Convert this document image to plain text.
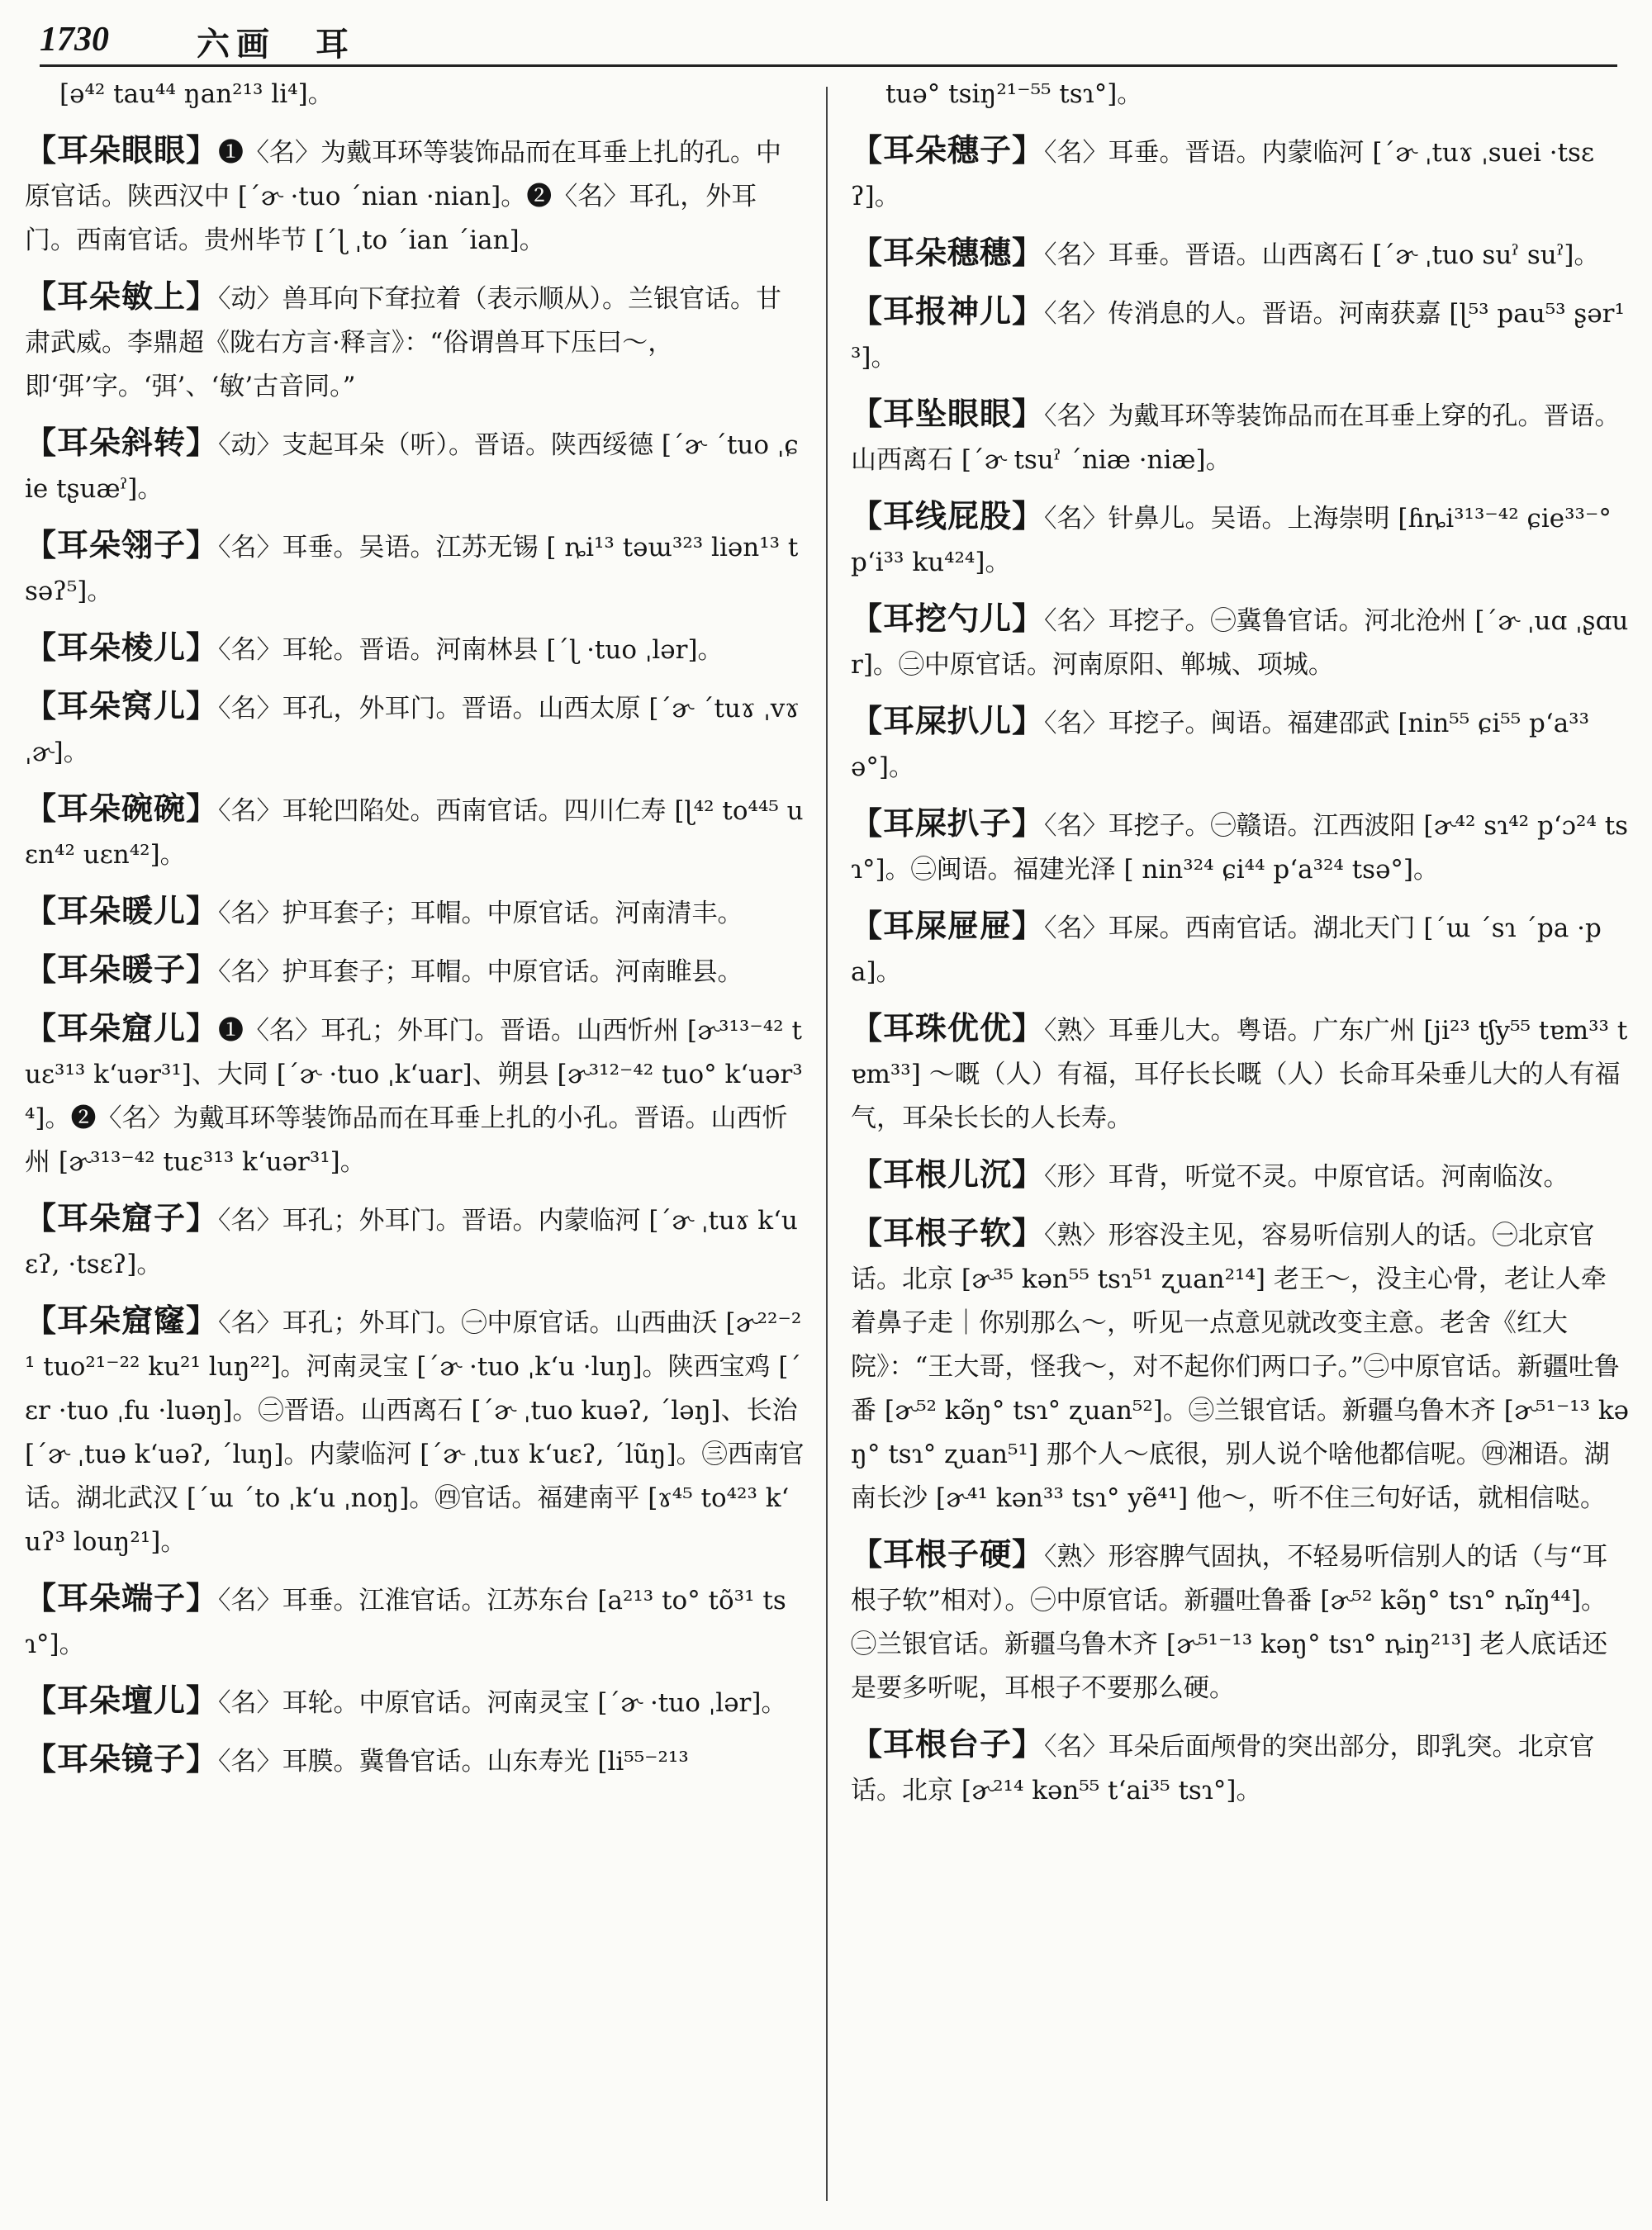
1730	六画　耳
[ə⁴² tau⁴⁴ ŋan²¹³ li⁴]。
【耳朵眼眼】❶〈名〉为戴耳环等装饰品而在耳垂上扎的孔。中原官话。陕西汉中 [ˊɚ ·tuo ˊnian ·nian]。❷〈名〉耳孔，外耳门。西南官话。贵州毕节 [ˊɭ ˌto ˊian ˊian]。
【耳朵敏上】〈动〉兽耳向下耷拉着（表示顺从）。兰银官话。甘肃武威。李鼎超《陇右方言·释言》：“俗谓兽耳下压曰～，即‘弭’字。‘弭’、‘敏’古音同。”
【耳朵斜转】〈动〉支起耳朵（听）。晋语。陕西绥德 [ˊɚ ˊtuo ˌɕie tʂuæˀ]。
【耳朵翎子】〈名〉耳垂。吴语。江苏无锡 [ ȵi¹³ təɯ³²³ liən¹³ tsəʔ⁵]。
【耳朵棱儿】〈名〉耳轮。晋语。河南林县 [ˊɭ ·tuo ˌlər]。
【耳朵窝儿】〈名〉耳孔，外耳门。晋语。山西太原 [ˊɚ ˊtuɤ ˌvɤ ˌɚ]。
【耳朵碗碗】〈名〉耳轮凹陷处。西南官话。四川仁寿 [ɭ⁴² to⁴⁴⁵ uɛn⁴² uɛn⁴²]。
【耳朵暖儿】〈名〉护耳套子；耳帽。中原官话。河南清丰。
【耳朵暖子】〈名〉护耳套子；耳帽。中原官话。河南睢县。
【耳朵窟儿】❶〈名〉耳孔；外耳门。晋语。山西忻州 [ɚ³¹³⁻⁴² tuɛ³¹³ kʻuər³¹]、大同 [ˊɚ ·tuo ˌkʻuar]、朔县 [ɚ³¹²⁻⁴² tuo° kʻuər³⁴]。❷〈名〉为戴耳环等装饰品而在耳垂上扎的小孔。晋语。山西忻州 [ɚ³¹³⁻⁴² tuɛ³¹³ kʻuər³¹]。
【耳朵窟子】〈名〉耳孔；外耳门。晋语。内蒙临河 [ˊɚ ˌtuɤ kʻuɛʔ, ·tsɛʔ]。
【耳朵窟窿】〈名〉耳孔；外耳门。㊀中原官话。山西曲沃 [ɚ²²⁻²¹ tuo²¹⁻²² ku²¹ luŋ²²]。河南灵宝 [ˊɚ ·tuo ˌkʻu ·luŋ]。陕西宝鸡 [ˊɛr ·tuo ˌfu ·luəŋ]。㊁晋语。山西离石 [ˊɚ ˌtuo kuəʔ, ˊləŋ]、长治 [ˊɚ ˌtuə kʻuəʔ, ˊluŋ]。内蒙临河 [ˊɚ ˌtuɤ kʻuɛʔ, ˊlũŋ]。㊂西南官话。湖北武汉 [ˊɯ ˊto ˌkʻu ˌnoŋ]。㊃官话。福建南平 [ɤ⁴⁵ to⁴²³ kʻuʔ³ louŋ²¹]。
【耳朵端子】〈名〉耳垂。江淮官话。江苏东台 [a²¹³ to° tõ³¹ tsɿ°]。
【耳朵壇儿】〈名〉耳轮。中原官话。河南灵宝 [ˊɚ ·tuo ˌlər]。
【耳朵镜子】〈名〉耳膜。冀鲁官话。山东寿光 [li⁵⁵⁻²¹³
tuə° tsiŋ²¹⁻⁵⁵ tsɿ°]。
【耳朵穗子】〈名〉耳垂。晋语。内蒙临河 [ˊɚ ˌtuɤ ˌsuei ·tsɛʔ]。
【耳朵穗穗】〈名〉耳垂。晋语。山西离石 [ˊɚ ˌtuo suˀ suˀ]。
【耳报神儿】〈名〉传消息的人。晋语。河南获嘉 [ɭ⁵³ pau⁵³ ʂər¹³]。
【耳坠眼眼】〈名〉为戴耳环等装饰品而在耳垂上穿的孔。晋语。山西离石 [ˊɚ tsuˀ ˊniæ ·niæ]。
【耳线屁股】〈名〉针鼻儿。吴语。上海崇明 [ɦȵi³¹³⁻⁴² ɕie³³⁻° pʻi³³ ku⁴²⁴]。
【耳挖勺儿】〈名〉耳挖子。㊀冀鲁官话。河北沧州 [ˊɚ ˌuɑ ˌʂɑur]。㊁中原官话。河南原阳、郸城、项城。
【耳屎扒儿】〈名〉耳挖子。闽语。福建邵武 [nin⁵⁵ ɕi⁵⁵ pʻa³³ ə°]。
【耳屎扒子】〈名〉耳挖子。㊀赣语。江西波阳 [ɚ⁴² sɿ⁴² pʻɔ²⁴ tsɿ°]。㊁闽语。福建光泽 [ nin³²⁴ ɕi⁴⁴ pʻa³²⁴ tsə°]。
【耳屎屉屉】〈名〉耳屎。西南官话。湖北天门 [ˊɯ ˊsɿ ˊpa ·pa]。
【耳珠优优】〈熟〉耳垂儿大。粤语。广东广州 [ji²³ tʃy⁵⁵ tɐm³³ tɐm³³] ～嘅（人）有福，耳仔长长嘅（人）长命耳朵垂儿大的人有福气，耳朵长长的人长寿。
【耳根儿沉】〈形〉耳背，听觉不灵。中原官话。河南临汝。
【耳根子软】〈熟〉形容没主见，容易听信别人的话。㊀北京官话。北京 [ɚ³⁵ kən⁵⁵ tsɿ⁵¹ ʐuan²¹⁴] 老王～，没主心骨，老让人牵着鼻子走｜你别那么～，听见一点意见就改变主意。老舍《红大院》：“王大哥，怪我～，对不起你们两口子。”㊁中原官话。新疆吐鲁番 [ɚ⁵² kə̃ŋ° tsɿ° ʐuan⁵²]。㊂兰银官话。新疆乌鲁木齐 [ɚ⁵¹⁻¹³ kəŋ° tsɿ° ʐuan⁵¹] 那个人～底很，别人说个啥他都信呢。㊃湘语。湖南长沙 [ɚ⁴¹ kən³³ tsɿ° yẽ⁴¹] 他～，听不住三句好话，就相信哒。
【耳根子硬】〈熟〉形容脾气固执，不轻易听信别人的话（与“耳根子软”相对）。㊀中原官话。新疆吐鲁番 [ɚ⁵² kə̃ŋ° tsɿ° ȵĩŋ⁴⁴]。㊁兰银官话。新疆乌鲁木齐 [ɚ⁵¹⁻¹³ kəŋ° tsɿ° ȵiŋ²¹³] 老人底话还是要多听呢，耳根子不要那么硬。
【耳根台子】〈名〉耳朵后面颅骨的突出部分，即乳突。北京官话。北京 [ɚ²¹⁴ kən⁵⁵ tʻai³⁵ tsɿ°]。
